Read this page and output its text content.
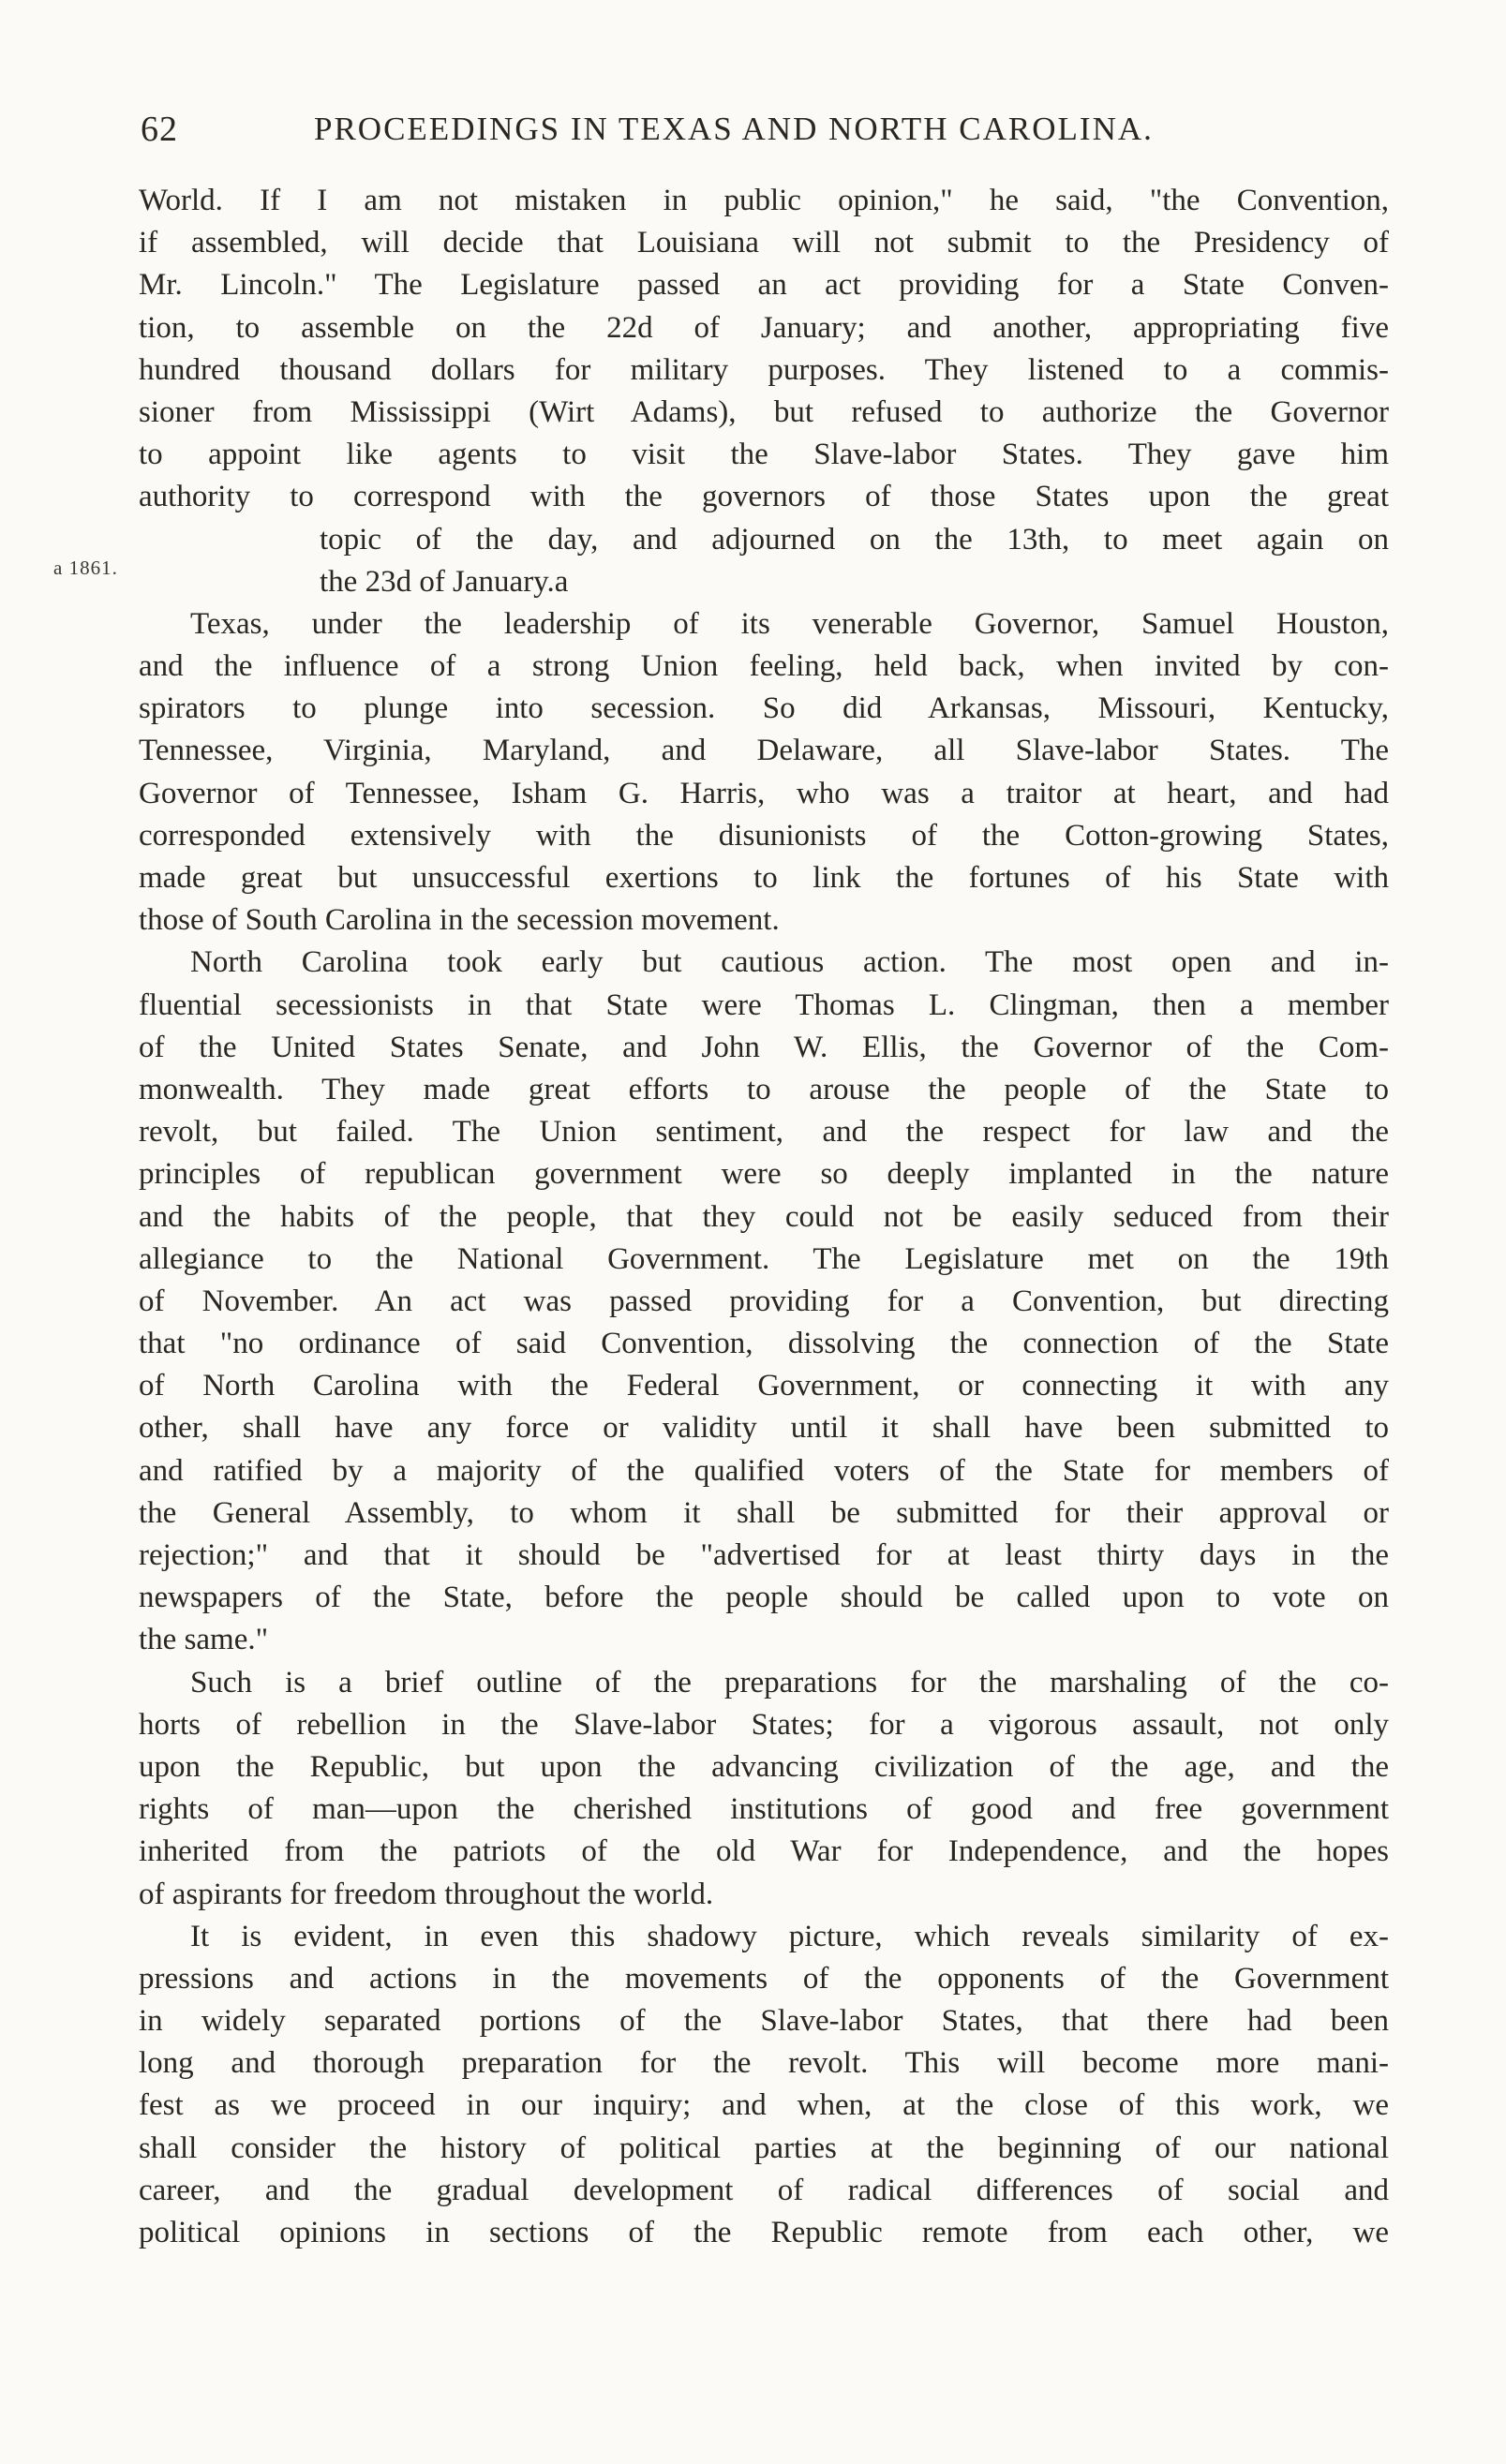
62	PROCEEDINGS IN TEXAS AND NORTH CAROLINA.
a 1861.
World. If I am not mistaken in public opinion," he said, "the Convention,
if assembled, will decide that Louisiana will not submit to the Presidency of
Mr. Lincoln." The Legislature passed an act providing for a State Conven-
tion, to assemble on the 22d of January; and another, appropriating five
hundred thousand dollars for military purposes. They listened to a commis-
sioner from Mississippi (Wirt Adams), but refused to authorize the Governor
to appoint like agents to visit the Slave-labor States. They gave him
authority to correspond with the governors of those States upon the great
topic of the day, and adjourned on the 13th, to meet again on
the 23d of January.a
Texas, under the leadership of its venerable Governor, Samuel Houston,
and the influence of a strong Union feeling, held back, when invited by con-
spirators to plunge into secession. So did Arkansas, Missouri, Kentucky,
Tennessee, Virginia, Maryland, and Delaware, all Slave-labor States. The
Governor of Tennessee, Isham G. Harris, who was a traitor at heart, and had
corresponded extensively with the disunionists of the Cotton-growing States,
made great but unsuccessful exertions to link the fortunes of his State with
those of South Carolina in the secession movement.
North Carolina took early but cautious action. The most open and in-
fluential secessionists in that State were Thomas L. Clingman, then a member
of the United States Senate, and John W. Ellis, the Governor of the Com-
monwealth. They made great efforts to arouse the people of the State to
revolt, but failed. The Union sentiment, and the respect for law and the
principles of republican government were so deeply implanted in the nature
and the habits of the people, that they could not be easily seduced from their
allegiance to the National Government. The Legislature met on the 19th
of November. An act was passed providing for a Convention, but directing
that "no ordinance of said Convention, dissolving the connection of the State
of North Carolina with the Federal Government, or connecting it with any
other, shall have any force or validity until it shall have been submitted to
and ratified by a majority of the qualified voters of the State for members of
the General Assembly, to whom it shall be submitted for their approval or
rejection;" and that it should be "advertised for at least thirty days in the
newspapers of the State, before the people should be called upon to vote on
the same."
Such is a brief outline of the preparations for the marshaling of the co-
horts of rebellion in the Slave-labor States; for a vigorous assault, not only
upon the Republic, but upon the advancing civilization of the age, and the
rights of man—upon the cherished institutions of good and free government
inherited from the patriots of the old War for Independence, and the hopes
of aspirants for freedom throughout the world.
It is evident, in even this shadowy picture, which reveals similarity of ex-
pressions and actions in the movements of the opponents of the Government
in widely separated portions of the Slave-labor States, that there had been
long and thorough preparation for the revolt. This will become more mani-
fest as we proceed in our inquiry; and when, at the close of this work, we
shall consider the history of political parties at the beginning of our national
career, and the gradual development of radical differences of social and
political opinions in sections of the Republic remote from each other, we
